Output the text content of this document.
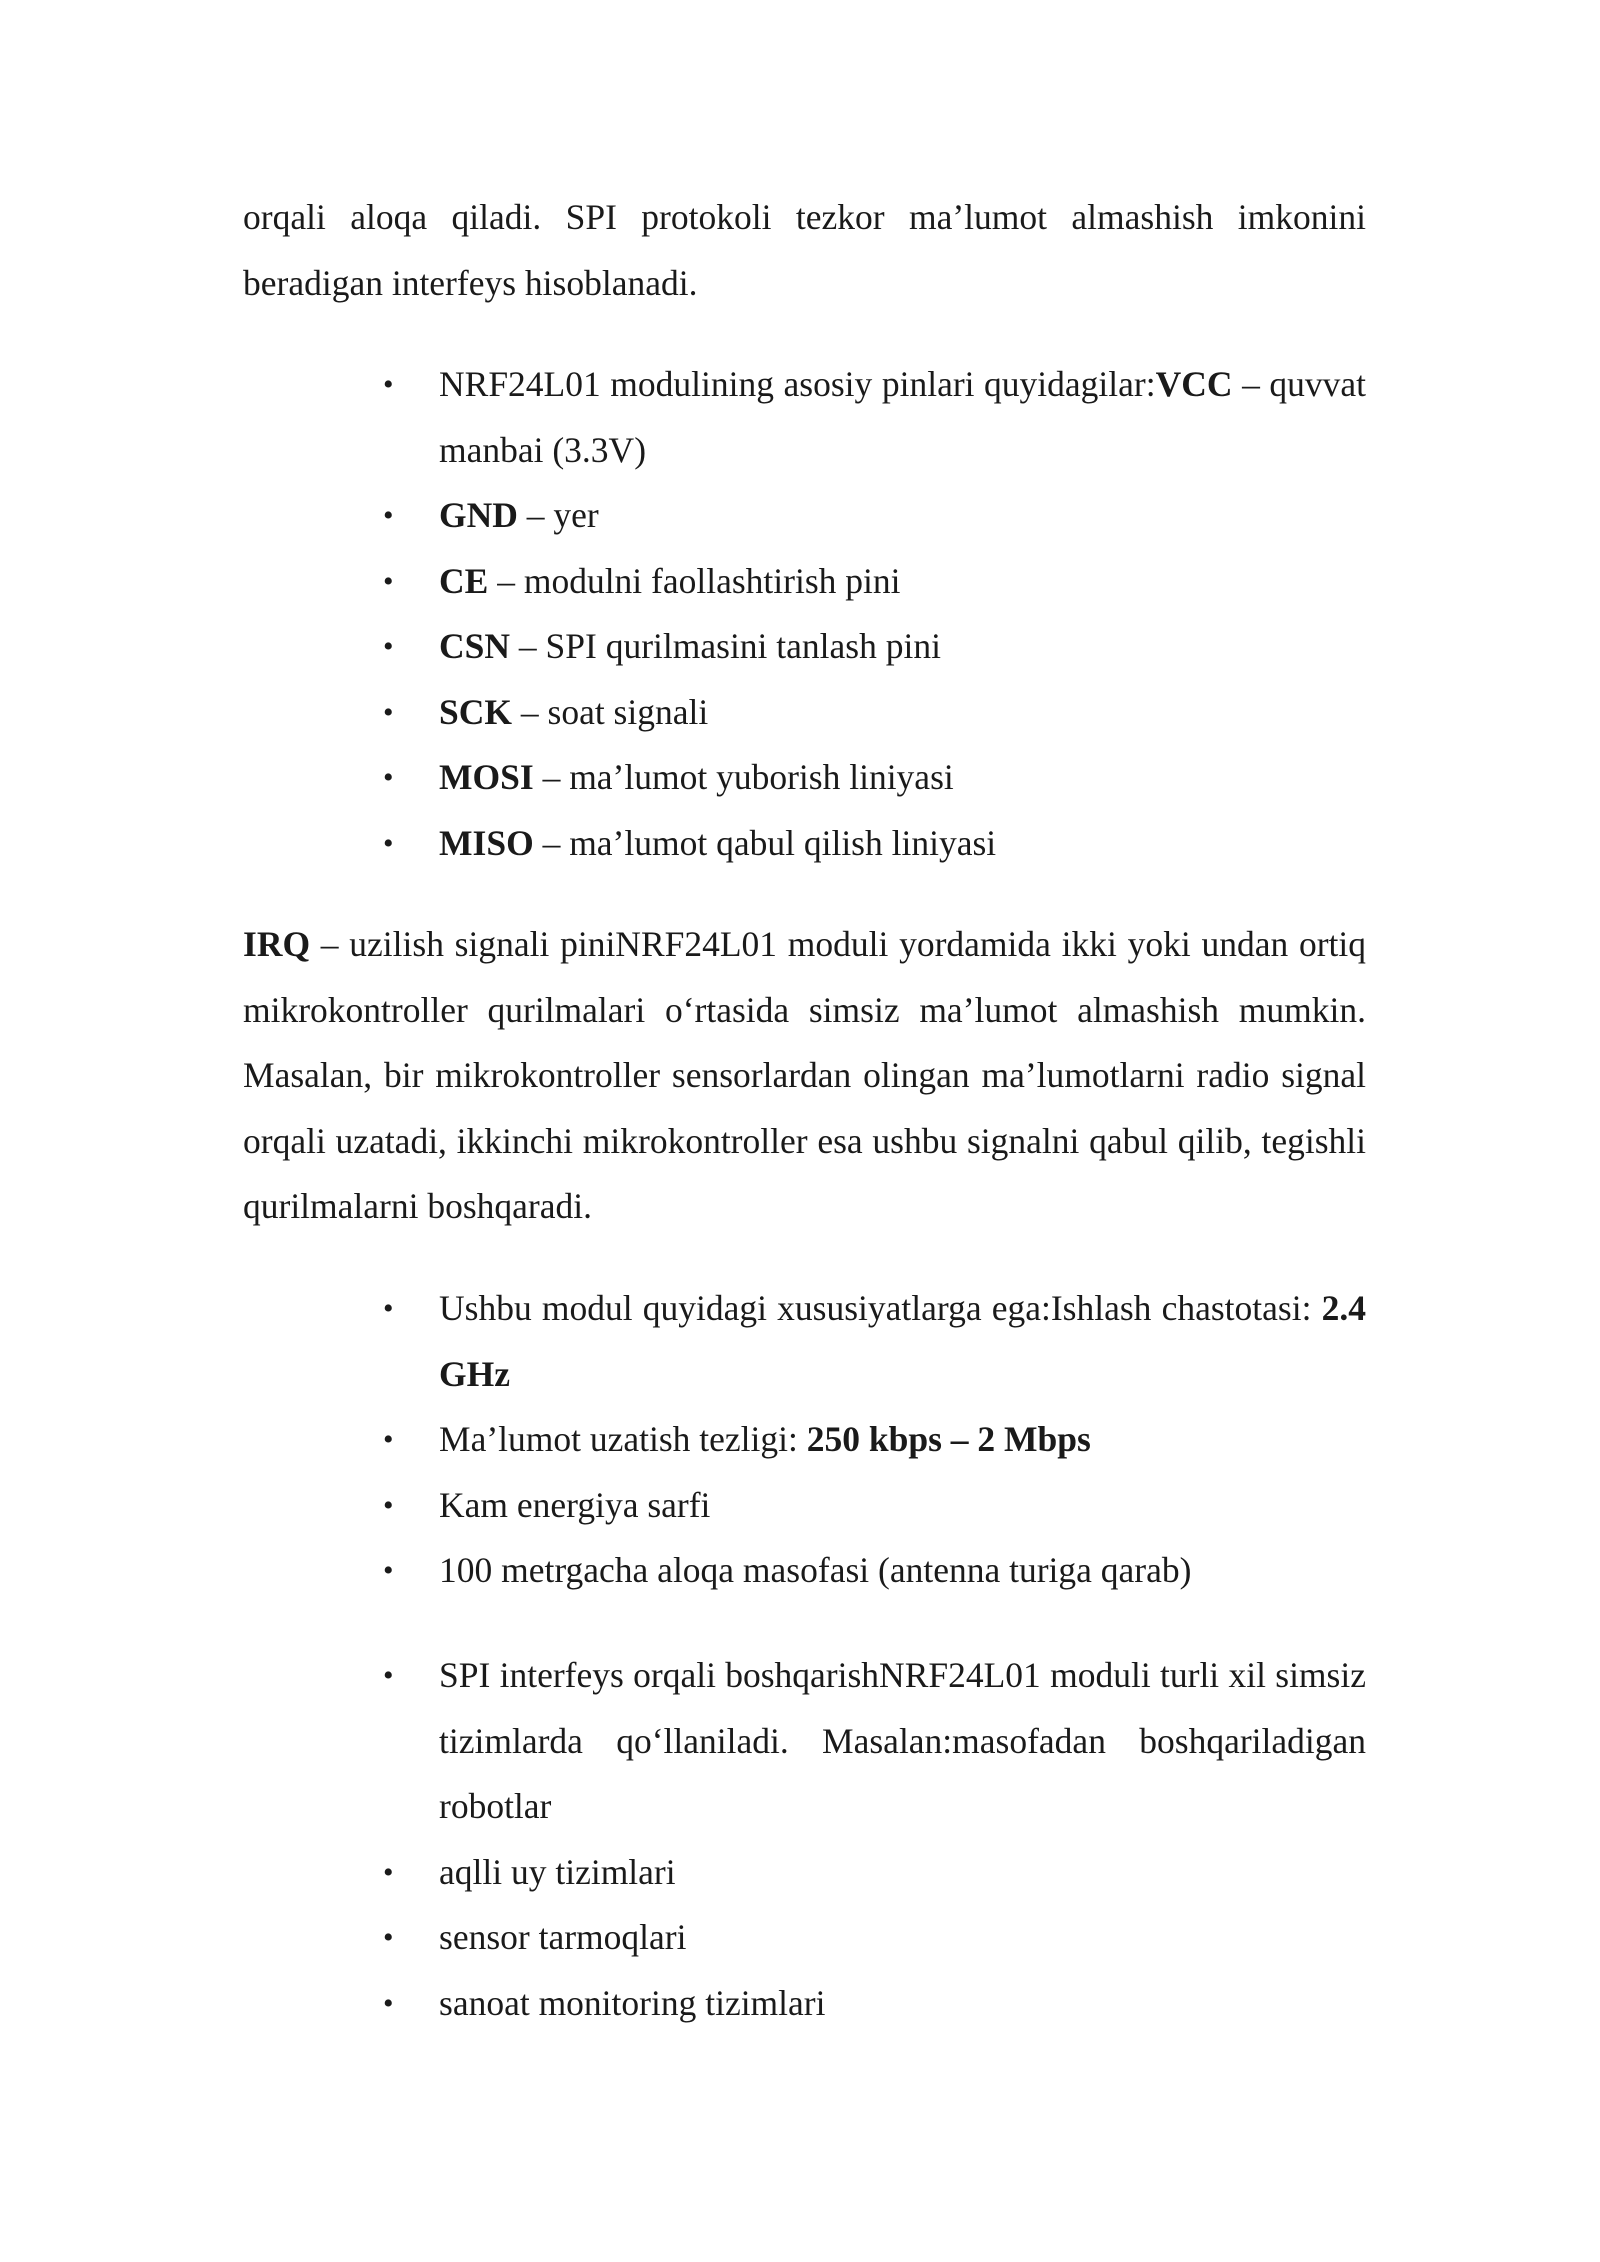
orqali aloqa qiladi. SPI protokoli tezkor ma’lumot almashish imkonini beradigan interfeys hisoblanadi.

• NRF24L01 modulining asosiy pinlari quyidagilar:VCC – quvvat manbai (3.3V)
• GND – yer
• CE – modulni faollashtirish pini
• CSN – SPI qurilmasini tanlash pini
• SCK – soat signali
• MOSI – ma’lumot yuborish liniyasi
• MISO – ma’lumot qabul qilish liniyasi

IRQ – uzilish signali piniNRF24L01 moduli yordamida ikki yoki undan ortiq mikrokontroller qurilmalari o‘rtasida simsiz ma’lumot almashish mumkin. Masalan, bir mikrokontroller sensorlardan olingan ma’lumotlarni radio signal orqali uzatadi, ikkinchi mikrokontroller esa ushbu signalni qabul qilib, tegishli qurilmalarni boshqaradi.

• Ushbu modul quyidagi xususiyatlarga ega:Ishlash chastotasi: 2.4 GHz
• Ma’lumot uzatish tezligi: 250 kbps – 2 Mbps
• Kam energiya sarfi
• 100 metrgacha aloqa masofasi (antenna turiga qarab)
• SPI interfeys orqali boshqarishNRF24L01 moduli turli xil simsiz tizimlarda qo‘llaniladi. Masalan:masofadan boshqariladigan robotlar
• aqlli uy tizimlari
• sensor tarmoqlari
• sanoat monitoring tizimlari
